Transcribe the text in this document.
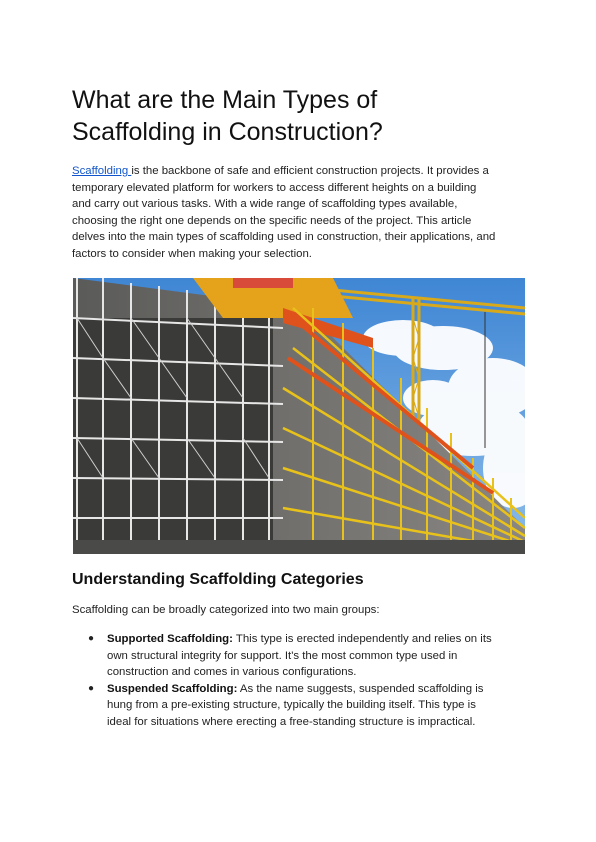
What are the Main Types of
Scaffolding in Construction?

Scaffolding is the backbone of safe and efficient construction projects. It provides a
temporary elevated platform for workers to access different heights on a building
and carry out various tasks. With a wide range of scaffolding types available,
choosing the right one depends on the specific needs of the project. This article
delves into the main types of scaffolding used in construction, their applications, and
factors to consider when making your selection.

Understanding Scaffolding Categories

Scaffolding can be broadly categorized into two main groups:

● Supported Scaffolding: This type is erected independently and relies on its
own structural integrity for support. It's the most common type used in
construction and comes in various configurations.
● Suspended Scaffolding: As the name suggests, suspended scaffolding is
hung from a pre-existing structure, typically the building itself. This type is
ideal for situations where erecting a free-standing structure is impractical.
